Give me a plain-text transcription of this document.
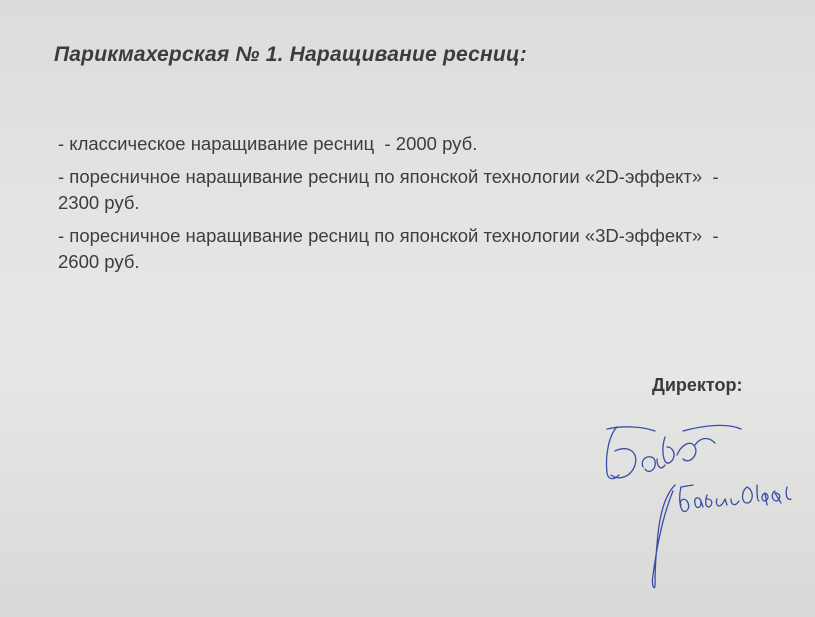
Парикмахерская № 1. Наращивание ресниц:
- классическое наращивание ресниц  - 2000 руб.
- поресничное наращивание ресниц по японской технологии «2D-эффект»  - 2300 руб.
- поресничное наращивание ресниц по японской технологии «3D-эффект»  - 2600 руб.
Директор:
